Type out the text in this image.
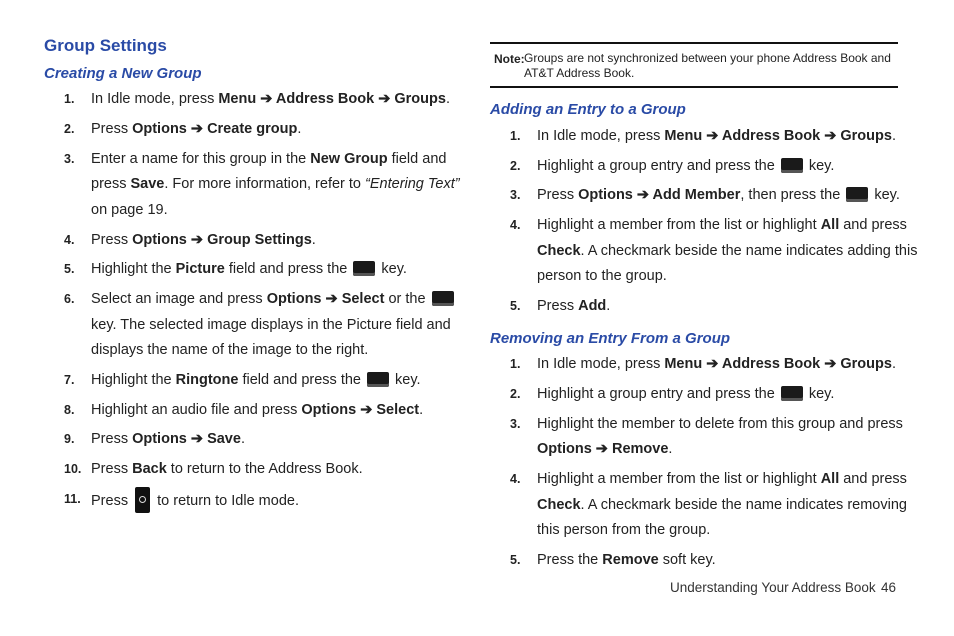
Group Settings
Creating a New Group
1. In Idle mode, press Menu ➔ Address Book ➔ Groups.
2. Press Options ➔ Create group.
3. Enter a name for this group in the New Group field and
press Save. For more information, refer to “Entering Text”
on page 19.
4. Press Options ➔ Group Settings.
5. Highlight the Picture field and press the  key.
6. Select an image and press Options ➔ Select or the
key. The selected image displays in the Picture field and
displays the name of the image to the right.
7. Highlight the Ringtone field and press the  key.
8. Highlight an audio file and press Options ➔ Select.
9. Press Options ➔ Save.
10. Press Back to return to the Address Book.
11. Press  to return to Idle mode.
Note: Groups are not synchronized between your phone Address Book and AT&T Address Book.
Adding an Entry to a Group
1. In Idle mode, press Menu ➔ Address Book ➔ Groups.
2. Highlight a group entry and press the  key.
3. Press Options ➔ Add Member, then press the  key.
4. Highlight a member from the list or highlight All and press
Check. A checkmark beside the name indicates adding this
person to the group.
5. Press Add.
Removing an Entry From a Group
1. In Idle mode, press Menu ➔ Address Book ➔ Groups.
2. Highlight a group entry and press the  key.
3. Highlight the member to delete from this group and press
Options ➔ Remove.
4. Highlight a member from the list or highlight All and press
Check. A checkmark beside the name indicates removing
this person from the group.
5. Press the Remove soft key.
Understanding Your Address Book 46
